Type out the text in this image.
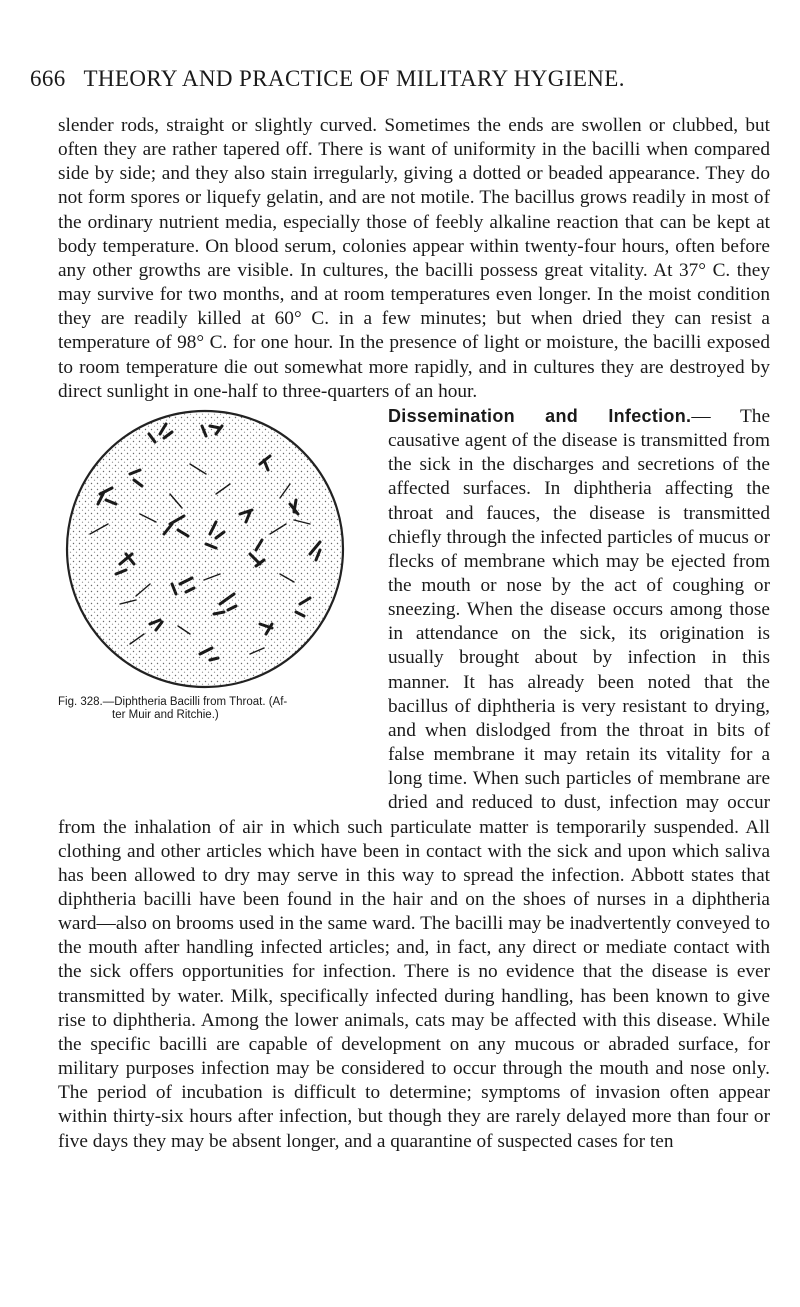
666 THEORY AND PRACTICE OF MILITARY HYGIENE.

slender rods, straight or slightly curved. Sometimes the ends are swollen or clubbed, but often they are rather tapered off. There is want of uniformity in the bacilli when compared side by side; and they also stain irregularly, giving a dotted or beaded appearance. They do not form spores or liquefy gelatin, and are not motile. The bacillus grows readily in most of the ordinary nutrient media, especially those of feebly alkaline reaction that can be kept at body temperature. On blood serum, colonies appear within twenty-four hours, often before any other growths are visible. In cultures, the bacilli possess great vitality. At 37° C. they may survive for two months, and at room temperatures even longer. In the moist condition they are readily killed at 60° C. in a few minutes; but when dried they can resist a temperature of 98° C. for one hour. In the presence of light or moisture, the bacilli exposed to room temperature die out somewhat more rapidly, and in cultures they are destroyed by direct sunlight in one-half to three-quarters of an hour.

Fig. 328.—Diphtheria Bacilli from Throat. (Af-
ter Muir and Ritchie.)

Dissemination and Infection.— The causative agent of the disease is transmitted from the sick in the discharges and secretions of the affected surfaces. In diphtheria affecting the throat and fauces, the disease is transmitted chiefly through the infected particles of mucus or flecks of membrane which may be ejected from the mouth or nose by the act of coughing or sneezing. When the disease occurs among those in attendance on the sick, its origination is usually brought about by infection in this manner. It has already been noted that the bacillus of diphtheria is very resistant to drying, and when dislodged from the throat in bits of false membrane it may retain its vitality for a long time. When such particles of membrane are dried and reduced to dust, infection may occur from the inhalation of air in which such particulate matter is temporarily suspended. All clothing and other articles which have been in contact with the sick and upon which saliva has been allowed to dry may serve in this way to spread the infection. Abbott states that diphtheria bacilli have been found in the hair and on the shoes of nurses in a diphtheria ward—also on brooms used in the same ward. The bacilli may be inadvertently conveyed to the mouth after handling infected articles; and, in fact, any direct or mediate contact with the sick offers opportunities for infection. There is no evidence that the disease is ever transmitted by water. Milk, specifically infected during handling, has been known to give rise to diphtheria. Among the lower animals, cats may be affected with this disease. While the specific bacilli are capable of development on any mucous or abraded surface, for military purposes infection may be considered to occur through the mouth and nose only. The period of incubation is difficult to determine; symptoms of invasion often appear within thirty-six hours after infection, but though they are rarely delayed more than four or five days they may be absent longer, and a quarantine of suspected cases for ten
